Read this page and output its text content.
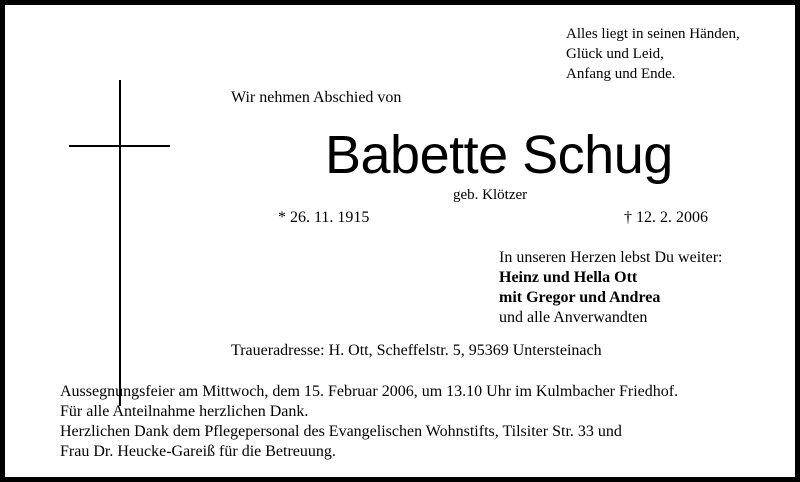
Alles liegt in seinen Händen,
Glück und Leid,
Anfang und Ende.
Wir nehmen Abschied von
Babette Schug
geb. Klötzer
* 26. 11. 1915	† 12. 2. 2006
In unseren Herzen lebst Du weiter:
Heinz und Hella Ott
mit Gregor und Andrea
und alle Anverwandten
Traueradresse: H. Ott, Scheffelstr. 5, 95369 Untersteinach
Aussegnungsfeier am Mittwoch, dem 15. Februar 2006, um 13.10 Uhr im Kulmbacher Friedhof.
Für alle Anteilnahme herzlichen Dank.
Herzlichen Dank dem Pflegepersonal des Evangelischen Wohnstifts, Tilsiter Str. 33 und
Frau Dr. Heucke-Gareiß für die Betreuung.
